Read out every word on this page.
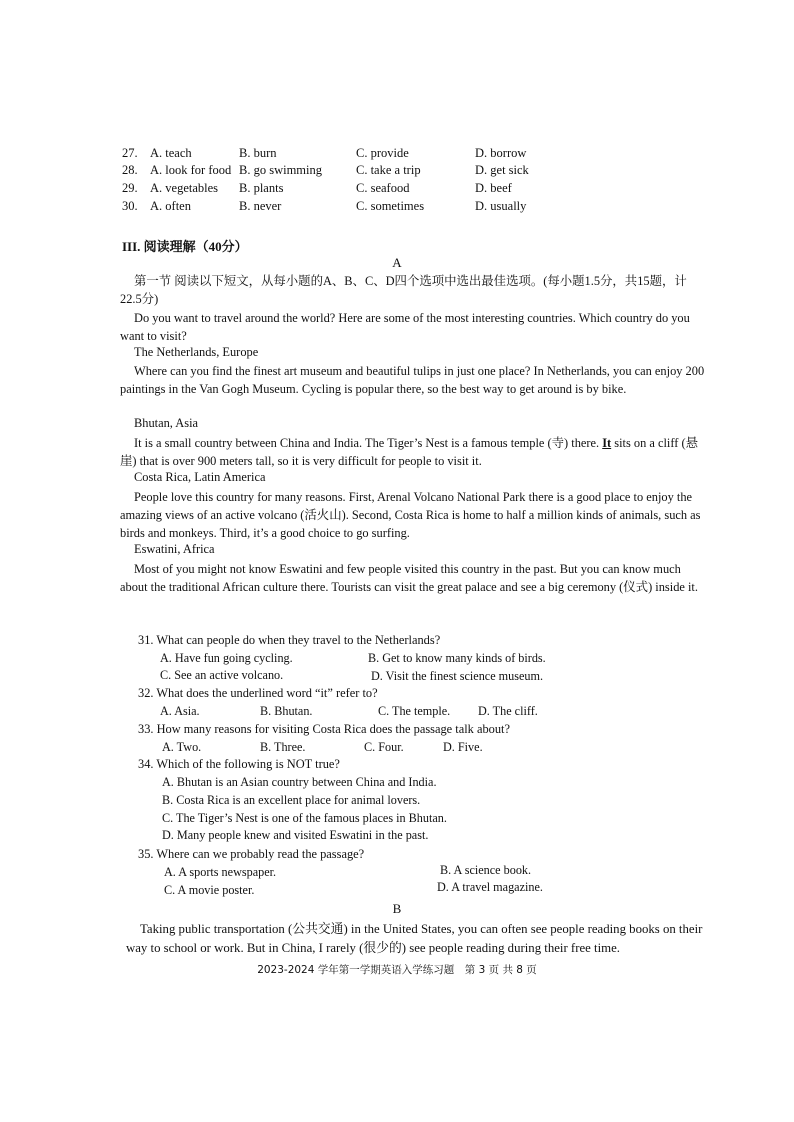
27. A. teach	B. burn	C. provide	D. borrow
28. A. look for food B. go swimming	C. take a trip	D. get sick
29. A. vegetables B. plants	C. seafood	D. beef
30. A. often	B. never	C. sometimes	D. usually
III. 阅读理解（40分）
A

第一节 阅读以下短文，从每小题的A、B、C、D四个选项中选出最佳选项。(每小题1.5分，共15题，计22.5分)

Do you want to travel around the world? Here are some of the most interesting countries. Which country do you want to visit?

The Netherlands, Europe

Where can you find the finest art museum and beautiful tulips in just one place? In Netherlands, you can enjoy 200 paintings in the Van Gogh Museum. Cycling is popular there, so the best way to get around is by bike.

Bhutan, Asia

It is a small country between China and India. The Tiger’s Nest is a famous temple (寺) there. It sits on a cliff (悬崖) that is over 900 meters tall, so it is very difficult for people to visit it.

Costa Rica, Latin America

People love this country for many reasons. First, Arenal Volcano National Park there is a good place to enjoy the amazing views of an active volcano (活火山). Second, Costa Rica is home to half a million kinds of animals, such as birds and monkeys. Third, it’s a good choice to go surfing.

Eswatini, Africa

Most of you might not know Eswatini and few people visited this country in the past. But you can know much about the traditional African culture there. Tourists can visit the great palace and see a big ceremony (仪式) inside it.

31. What can people do when they travel to the Netherlands?
A. Have fun going cycling.	B. Get to know many kinds of birds.
C. See an active volcano.	D. Visit the finest science museum.
32. What does the underlined word “it” refer to?
A. Asia.	B. Bhutan.	C. The temple. D. The cliff.
33. How many reasons for visiting Costa Rica does the passage talk about?
A. Two.	B. Three.	C. Four.	D. Five.
34. Which of the following is NOT true?
A. Bhutan is an Asian country between China and India.
B. Costa Rica is an excellent place for animal lovers.
C. The Tiger’s Nest is one of the famous places in Bhutan.
D. Many people knew and visited Eswatini in the past.
35. Where can we probably read the passage?
A. A sports newspaper.	B. A science book.
C. A movie poster.	D. A travel magazine.
B

Taking public transportation (公共交通) in the United States, you can often see people reading books on their way to school or work. But in China, I rarely (很少的) see people reading during their free time.

2023-2024 学年第一学期英语入学练习题　第 3 页 共 8 页
